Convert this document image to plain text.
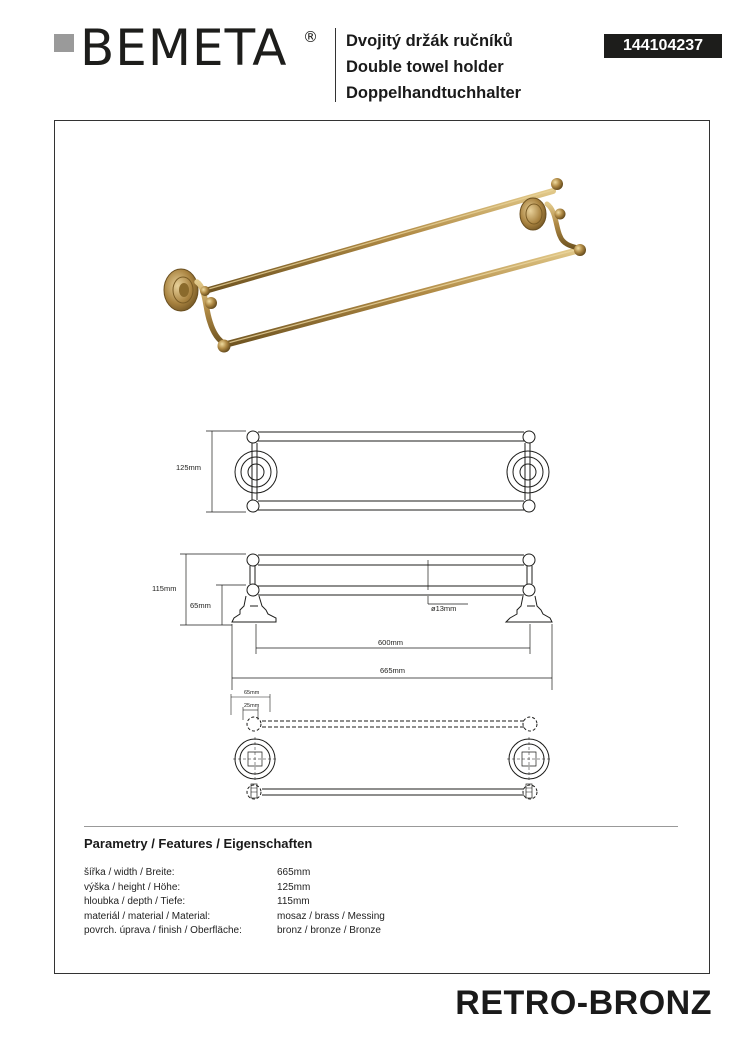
BEMETA ® Dvojitý držák ručníků
Double towel holder
Doppelhandtuchhalter
144104237
125mm
115mm
65mm	ø13mm
600mm
665mm
65mm
25mm
Parametry / Features / Eigenschaften
šířka / width / Breite:	665mm
výška / height / Höhe:	125mm
hloubka / depth / Tiefe:	115mm
materiál / material / Material:	mosaz / brass / Messing
povrch. úprava / finish / Oberfläche:	bronz / bronze / Bronze
RETRO-BRONZ
